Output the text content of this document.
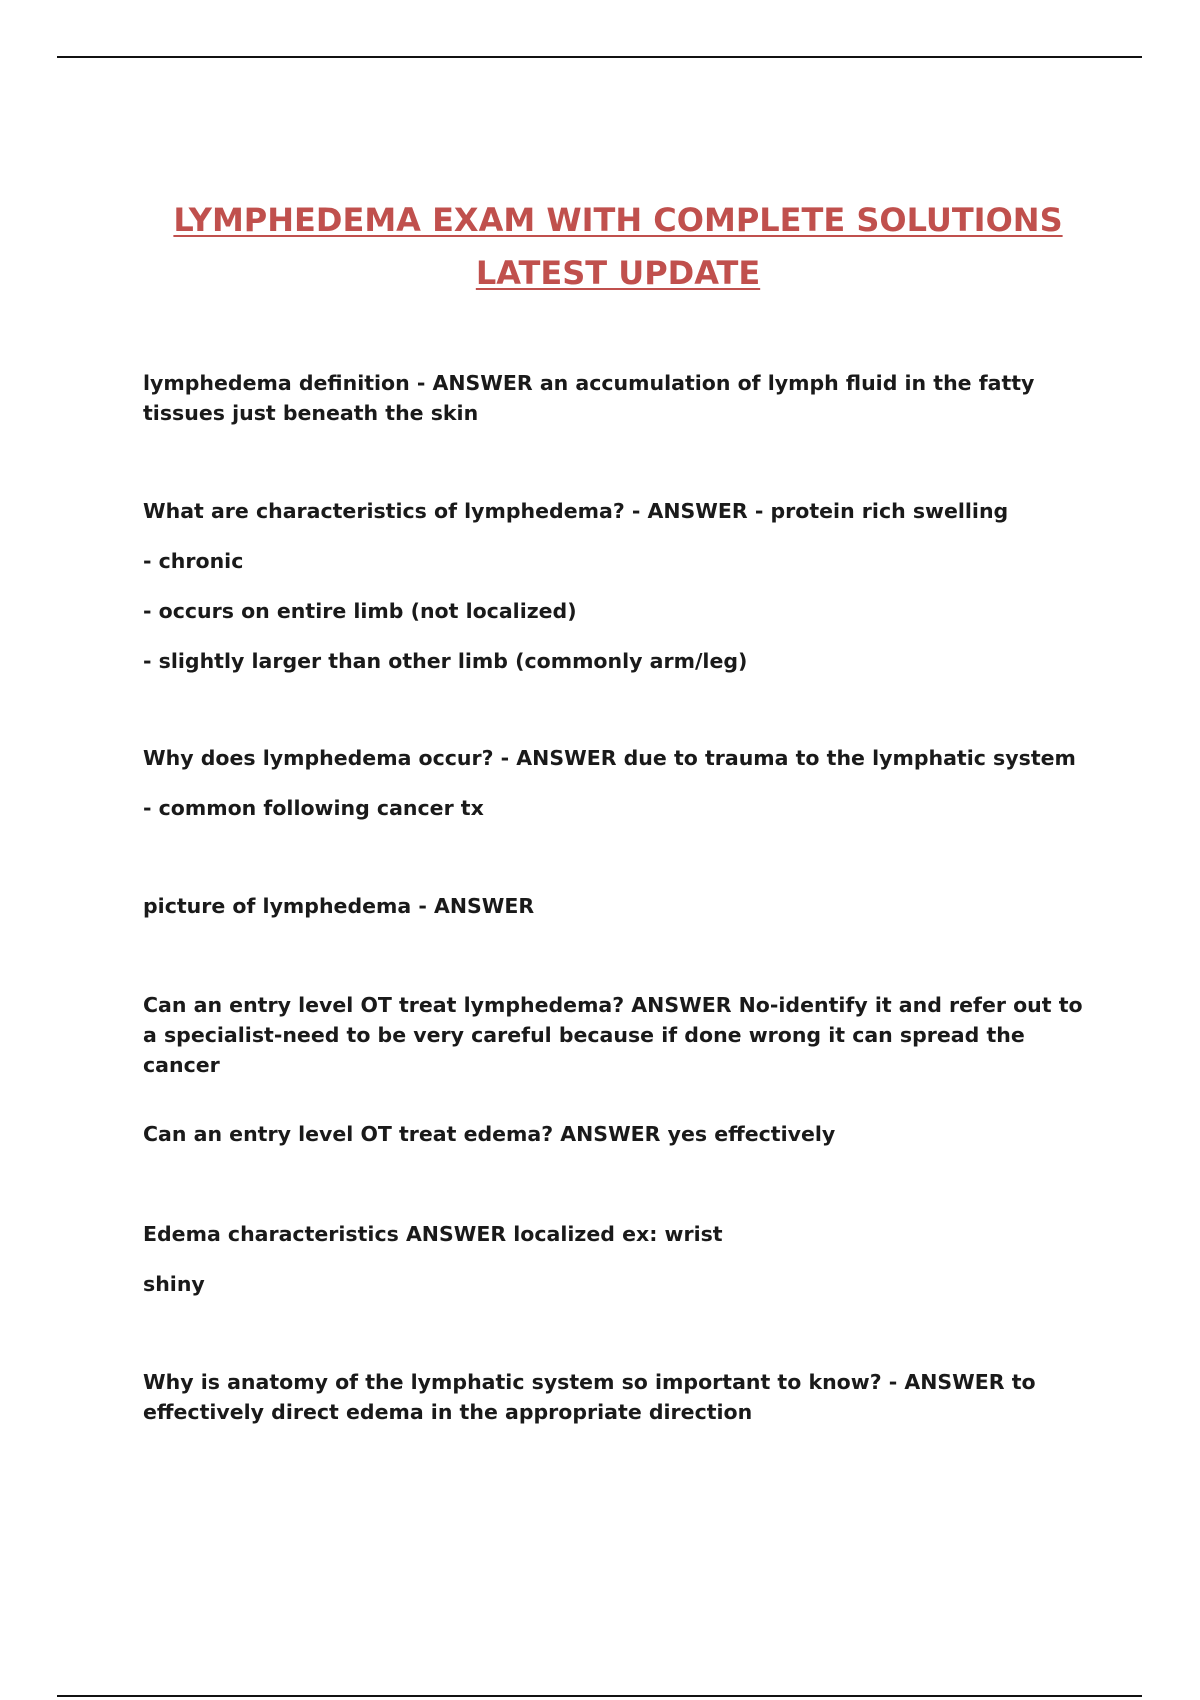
LYMPHEDEMA EXAM WITH COMPLETE SOLUTIONS
LATEST UPDATE

lymphedema definition - ANSWER an accumulation of lymph fluid in the fatty tissues just beneath the skin

What are characteristics of lymphedema? - ANSWER - protein rich swelling

- chronic

- occurs on entire limb (not localized)

- slightly larger than other limb (commonly arm/leg)

Why does lymphedema occur? - ANSWER due to trauma to the lymphatic system

- common following cancer tx

picture of lymphedema - ANSWER

Can an entry level OT treat lymphedema? ANSWER No-identify it and refer out to a specialist-need to be very careful because if done wrong it can spread the cancer

Can an entry level OT treat edema? ANSWER yes effectively

Edema characteristics ANSWER localized ex: wrist

shiny

Why is anatomy of the lymphatic system so important to know? - ANSWER to effectively direct edema in the appropriate direction
